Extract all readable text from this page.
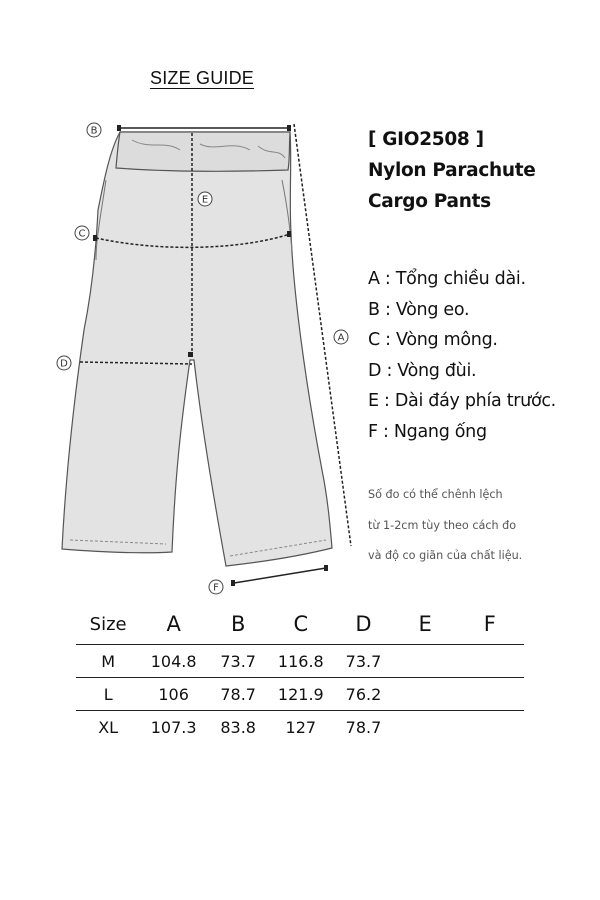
SIZE GUIDE
B
E
C
A
D
F
[ GIO2508 ]
Nylon Parachute
Cargo Pants
A : Tổng chiều dài.
B : Vòng eo.
C : Vòng mông.
D : Vòng đùi.
E : Dài đáy phía trước.
F : Ngang ống
Số đo có thể chênh lệch
từ 1-2cm tùy theo cách đo
và độ co giãn của chất liệu.
Size	A	B	C	D	E	F
M	104.8	73.7	116.8	73.7		
L	106	78.7	121.9	76.2		
XL	107.3	83.8	127	78.7		
